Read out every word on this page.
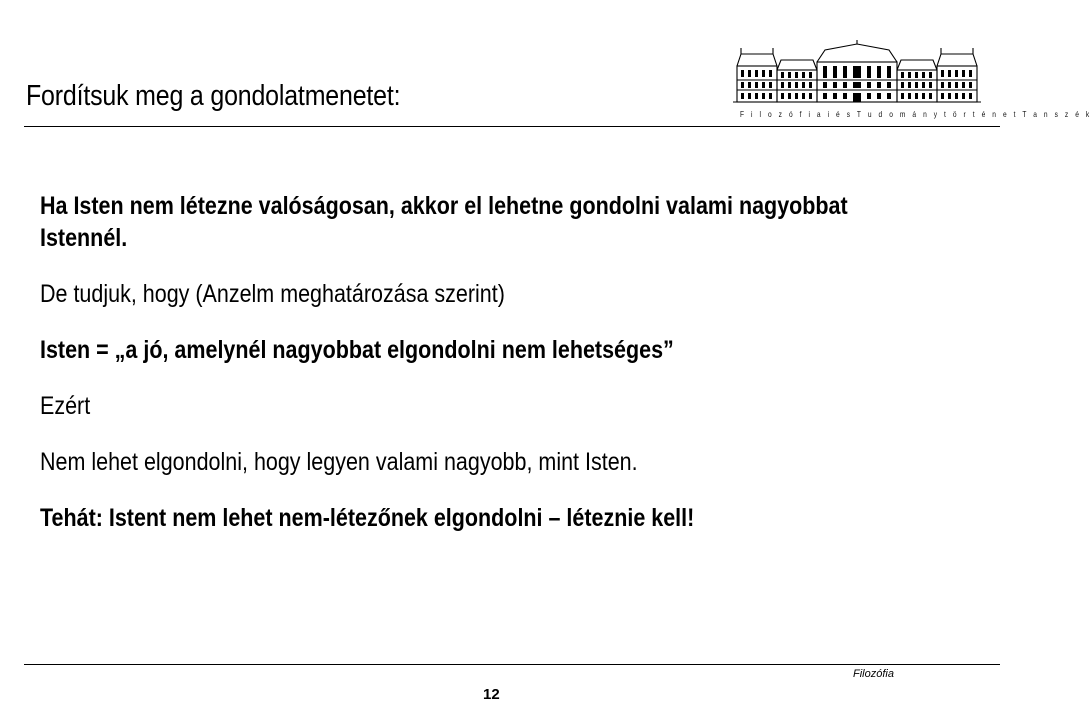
Fordítsuk meg a gondolatmenetet:
F i l o z ó f i a i é s T u d o m á n y t ö r t é n e t T a n s z é k

Ha Isten nem létezne valóságosan, akkor el lehetne gondolni valami nagyobbat Istennél.

De tudjuk, hogy (Anzelm meghatározása szerint)

Isten = „a jó, amelynél nagyobbat elgondolni nem lehetséges”

Ezért

Nem lehet elgondolni, hogy legyen valami nagyobb, mint Isten.

Tehát: Istent nem lehet nem-létezőnek elgondolni – léteznie kell!

Filozófia
12
